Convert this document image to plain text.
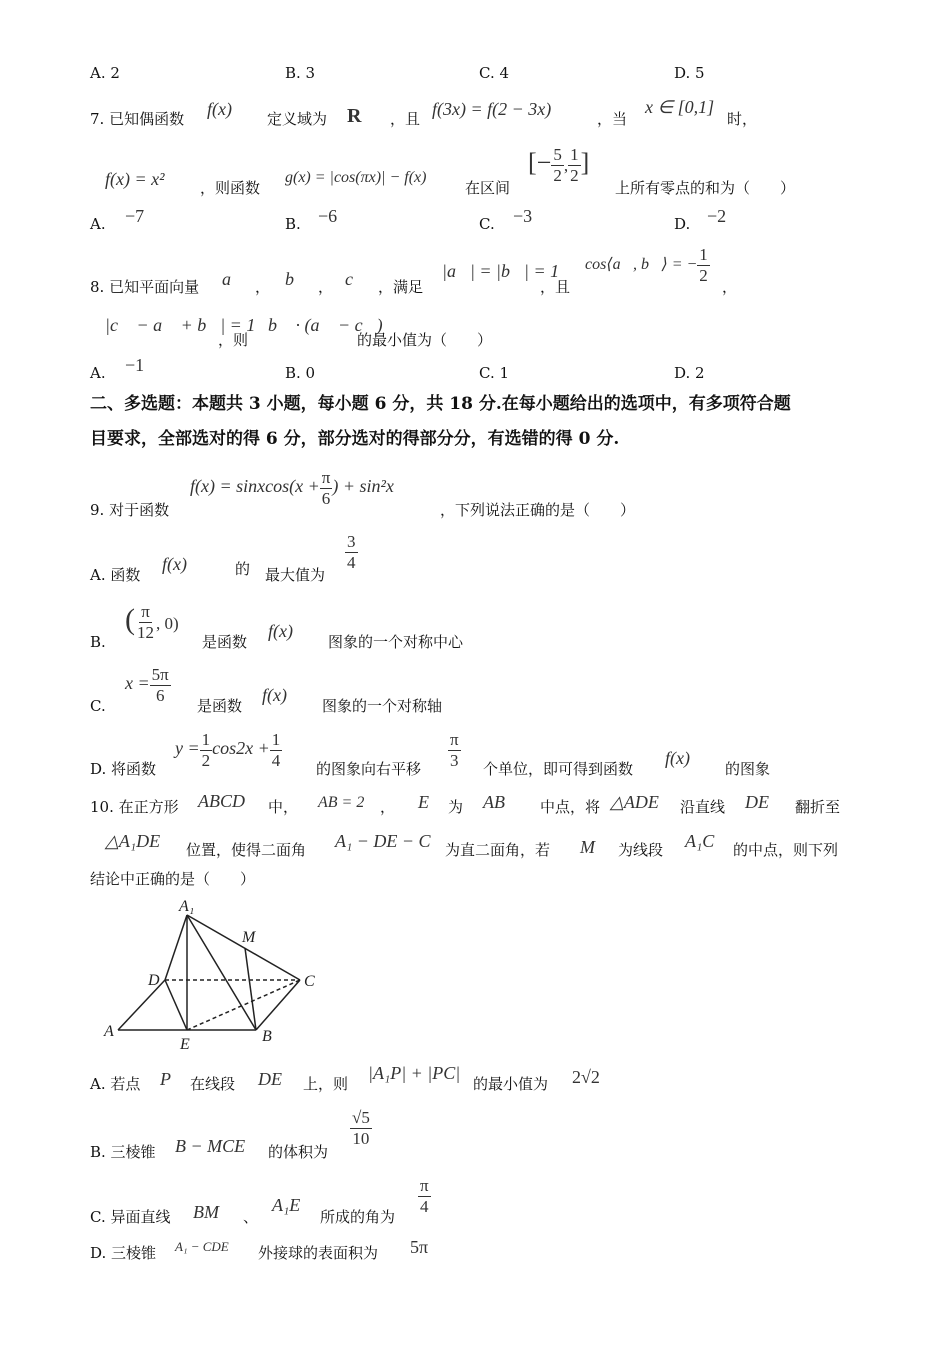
A. 2	B. 3	C. 4	D. 5
7. 已知偶函数 f(x) 定义域为 R ，且 f(3x) = f(2 − 3x)	，当
x ∈ [0,1]
时，
f(x) = x² ，则函数
g(x) = |cos(πx)| − f(x)
在区间
[− $\frac{5}{2}$ , $\frac{1}{2}$ ]
上所有零点的和为（　　）
A. −7	B. −6	C. −3	D. −2
8. 已知平面向量 a⃗ ， b⃗ ， c⃗ ，满足
|a⃗| = |b⃗| = 1
，且
cos⟨a⃗, b⃗⟩ = − $\frac{1}{2}$
，
|c⃗ − a⃗ + b⃗| = 1
，则
b⃗ · (a⃗ − c⃗)
的最小值为（　　）
A. −1	B. 0	C. 1	D. 2
二、多选题：本题共 3 小题，每小题 6 分，共 18 分.在每小题给出的选项中，有多项符合题
目要求，全部选对的得 6 分，部分选对的得部分分，有选错的得 0 分.
9. 对于函数
f(x) = sinxcos(x + $\frac{\pi}{6}$ ) + sin²x
，下列说法正确的是（　　）
A. 函数
f(x)	的 最大值为
$\frac{3}{4}$
B.
( $\frac{\pi}{12}$ , 0)
是函数
f(x)
图象的一个对称中心
C.
$x = \frac{5\pi}{6}$
是函数
f(x)
图象的一个对称轴
D. 将函数
$y = \frac{1}{2} \cos 2x + \frac{1}{4}$ 的图象向右平移 $\frac{\pi}{3}$ 个单位，即可得到函数
f(x)
的图象
10. 在正方形 ABCD 中， AB = 2 ， E 为 AB 中点，将 △ADE 沿直线 DE 翻折至
△A₁DE 位置，使得二面角 A₁ − DE − C 为直二面角，若 M 为线段 A₁C 的中点，则下列
结论中正确的是（　　）
A₁
M
D	C
A
E	B
A. 若点 P 在线段 DE 上，则
|A₁P| + |PC|
的最小值为 2√2
B. 三棱锥 B − MCE 的体积为
$\frac{√5}{10}$
C. 异面直线 BM 、
A₁E
所成的角为
$\frac{\pi}{4}$
D. 三棱锥 A₁ − CDE 外接球的表面积为 5π
